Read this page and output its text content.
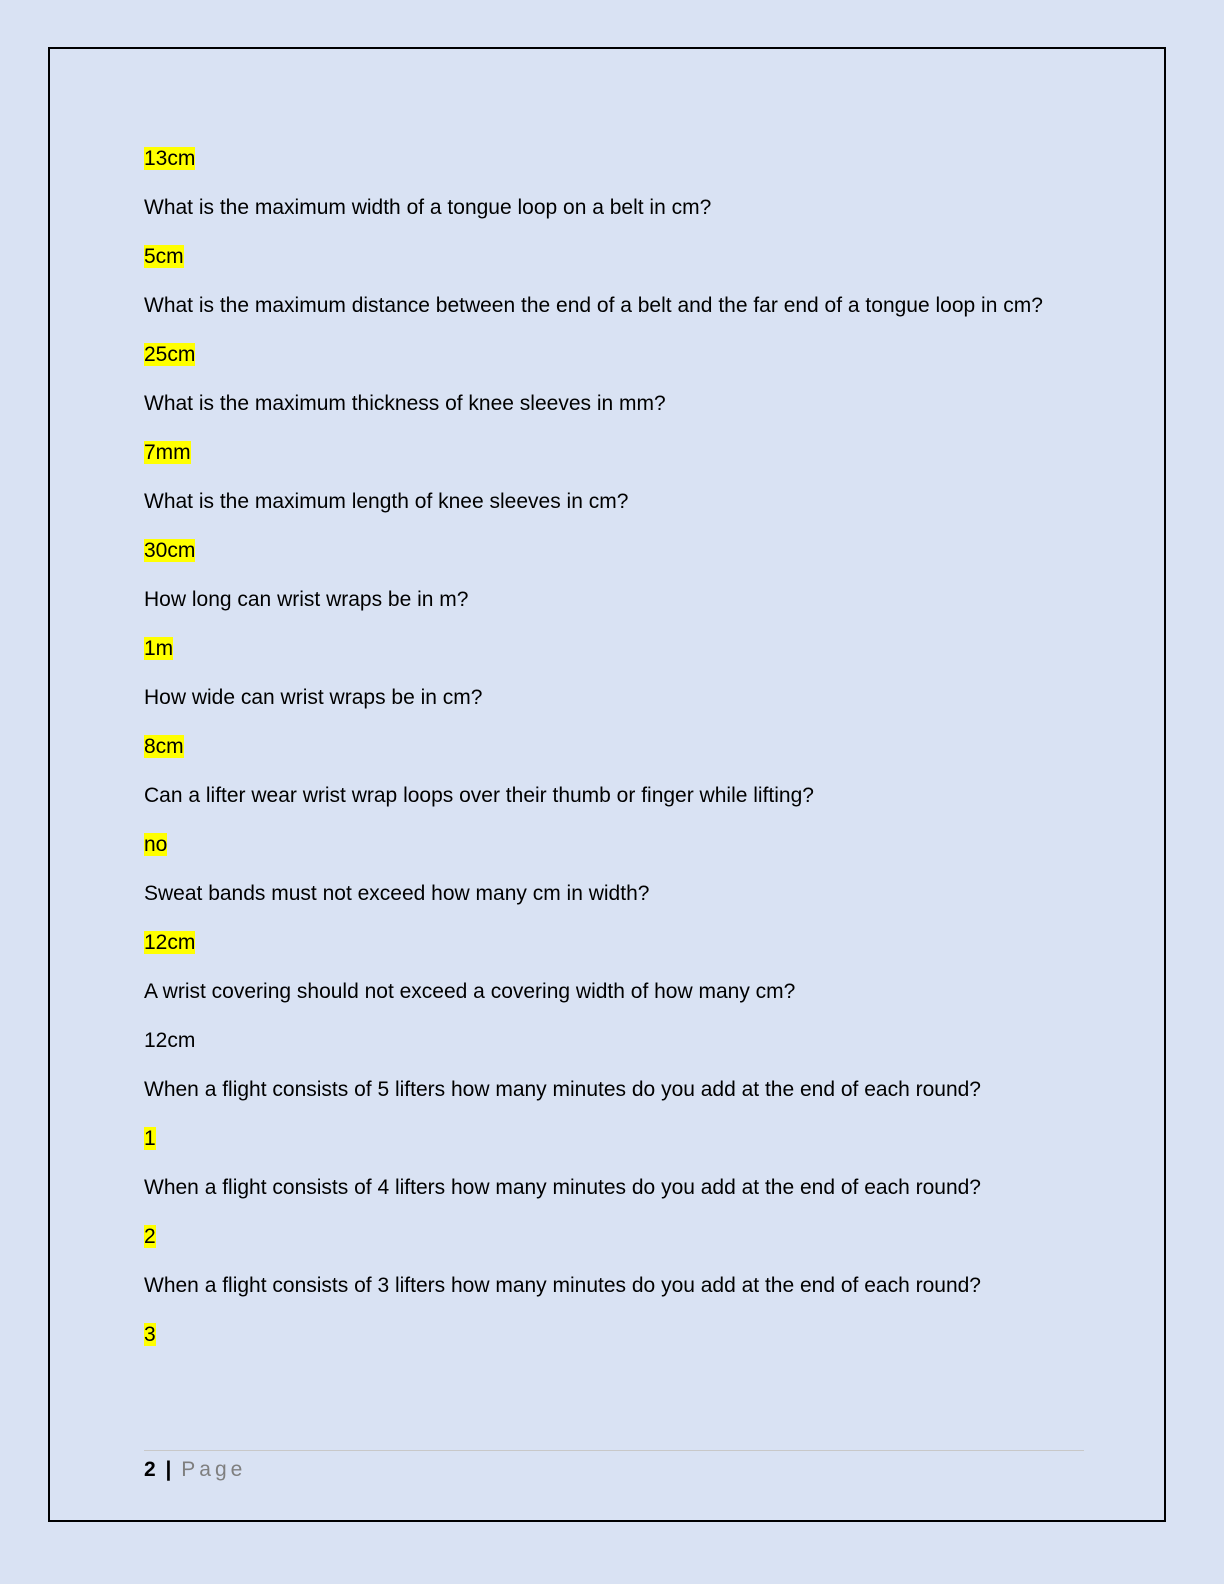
13cm

What is the maximum width of a tongue loop on a belt in cm?

5cm

What is the maximum distance between the end of a belt and the far end of a tongue loop in cm?

25cm

What is the maximum thickness of knee sleeves in mm?

7mm

What is the maximum length of knee sleeves in cm?

30cm

How long can wrist wraps be in m?

1m

How wide can wrist wraps be in cm?

8cm

Can a lifter wear wrist wrap loops over their thumb or finger while lifting?

no

Sweat bands must not exceed how many cm in width?

12cm

A wrist covering should not exceed a covering width of how many cm?

12cm

When a flight consists of 5 lifters how many minutes do you add at the end of each round?

1

When a flight consists of 4 lifters how many minutes do you add at the end of each round?

2

When a flight consists of 3 lifters how many minutes do you add at the end of each round?

3

2 | Page
